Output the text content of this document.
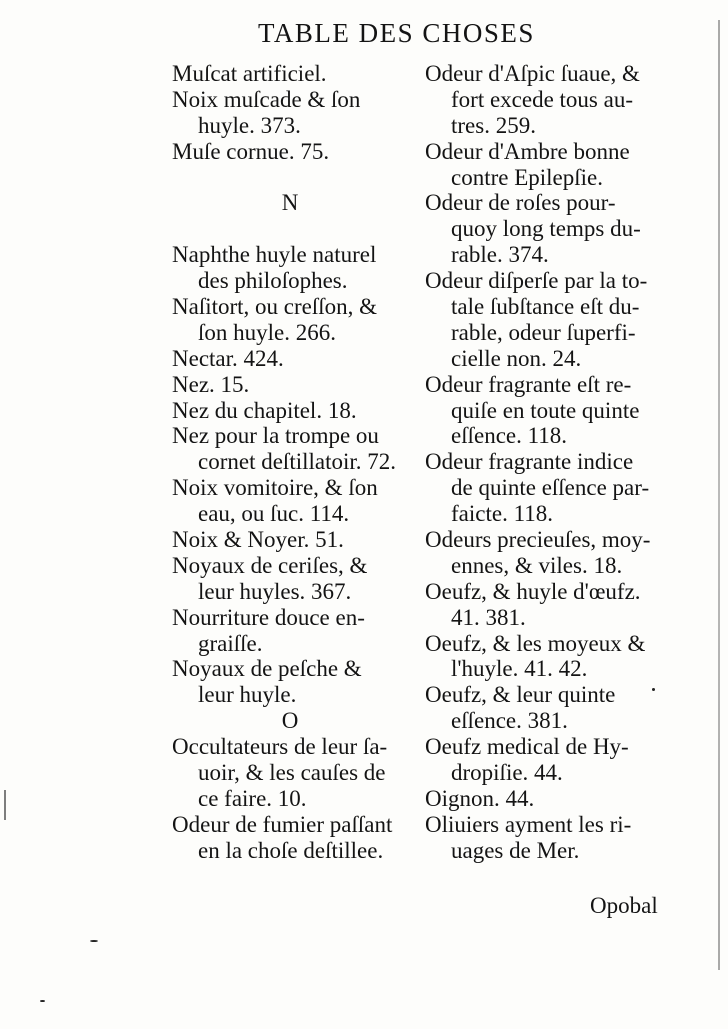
TABLE DES CHOSES
Muſcat artificiel.
Noix muſcade & ſon
huyle. 373.
Muſe cornue. 75.
N
Naphthe huyle naturel
des philoſophes.
Naſitort, ou creſſon, &
ſon huyle. 266.
Nectar. 424.
Nez. 15.
Nez du chapitel. 18.
Nez pour la trompe ou
cornet deſtillatoir. 72.
Noix vomitoire, & ſon
eau, ou ſuc. 114.
Noix & Noyer. 51.
Noyaux de ceriſes, &
leur huyles. 367.
Nourriture douce en-
graiſſe.
Noyaux de peſche &
leur huyle.
O
Occultateurs de leur ſa-
uoir, & les cauſes de
ce faire. 10.
Odeur de fumier paſſant
en la choſe deſtillee.
Odeur d'Aſpic ſuaue, &
fort excede tous au-
tres. 259.
Odeur d'Ambre bonne
contre Epilepſie.
Odeur de roſes pour-
quoy long temps du-
rable. 374.
Odeur diſperſe par la to-
tale ſubſtance eſt du-
rable, odeur ſuperfi-
cielle non. 24.
Odeur fragrante eſt re-
quiſe en toute quinte
eſſence. 118.
Odeur fragrante indice
de quinte eſſence par-
faicte. 118.
Odeurs precieuſes, moy-
ennes, & viles. 18.
Oeufz, & huyle d'œufz.
41. 381.
Oeufz, & les moyeux &
l'huyle. 41. 42.
Oeufz, & leur quinte
eſſence. 381.
Oeufz medical de Hy-
dropiſie. 44.
Oignon. 44.
Oliuiers ayment les ri-
uages de Mer.
Opobal
